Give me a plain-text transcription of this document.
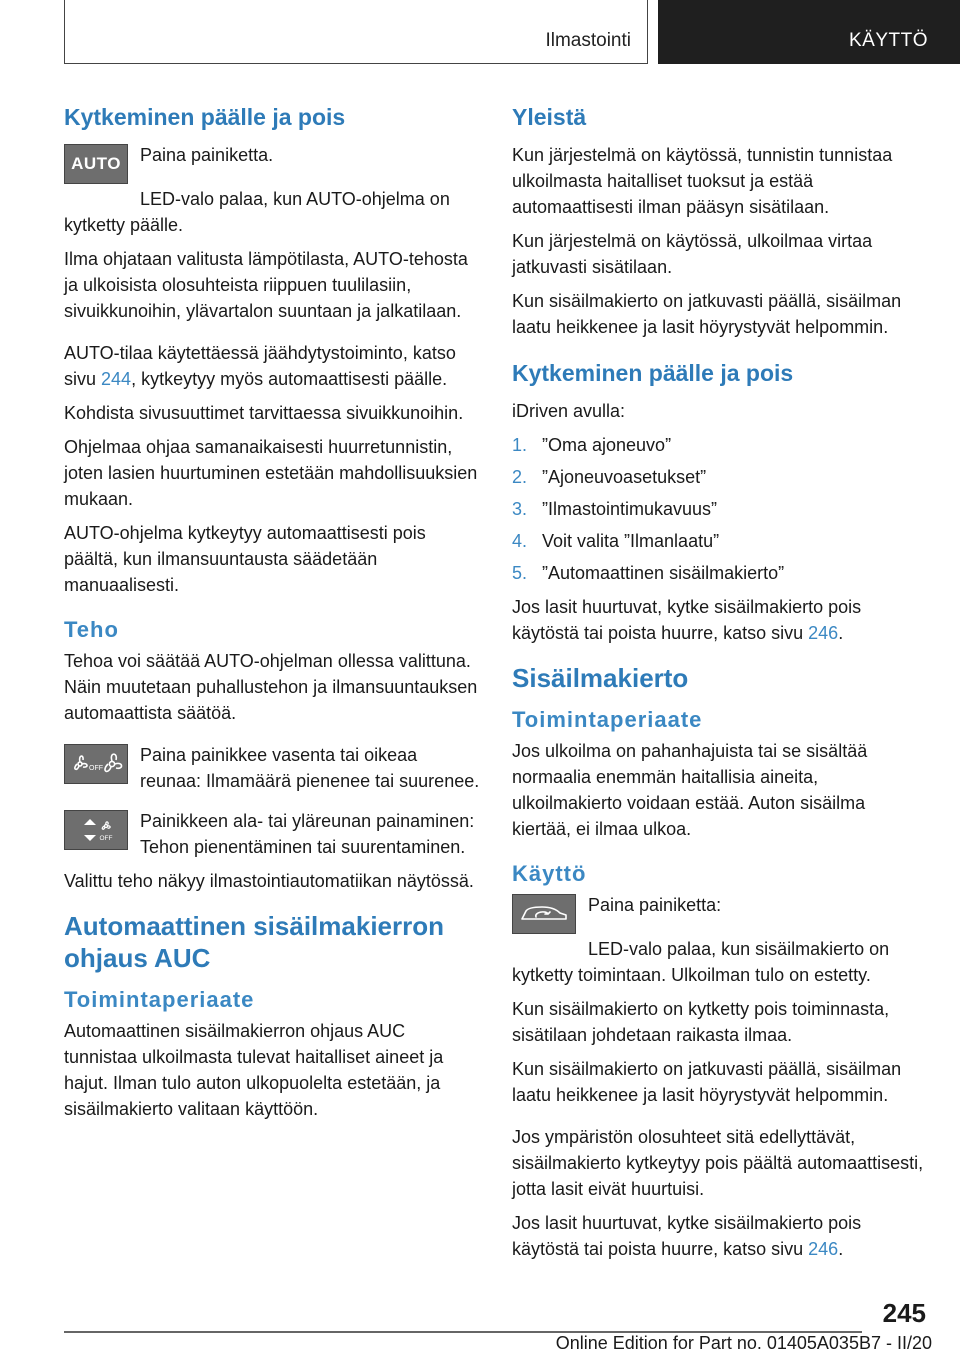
Ilmastointi	KÄYTTÖ
Kytkeminen päälle ja pois
AUTO	Paina painiketta.

LED-valo palaa, kun AUTO-ohjelma on kytketty päälle.

Ilma ohjataan valitusta lämpötilasta, AUTO-tehosta ja ulkoisista olosuhteista riippuen tuulilasiin, sivuikkunoihin, ylävartalon suuntaan ja jalkatilaan.

AUTO-tilaa käytettäessä jäähdytystoiminto, katso sivu 244, kytkeytyy myös automaattisesti päälle.

Kohdista sivusuuttimet tarvittaessa sivuikkunoihin.

Ohjelmaa ohjaa samanaikaisesti huurretunnistin, joten lasien huurtuminen estetään mahdollisuuksien mukaan.

AUTO-ohjelma kytkeytyy automaattisesti pois päältä, kun ilmansuuntausta säädetään manuaalisesti.

Teho

Tehoa voi säätää AUTO-ohjelman ollessa valittuna. Näin muutetaan puhallustehon ja ilmansuuntauksen automaattista säätöä.

OFF

Paina painikkee vasenta tai oikeaa reunaa: Ilmamäärä pienenee tai suurenee.

OFF

Painikkeen ala- tai yläreunan painaminen: Tehon pienentäminen tai suurentaminen.

Valittu teho näkyy ilmastointiautomatiikan näytössä.

Automaattinen sisäilmakierron ohjaus AUC
Toimintaperiaate

Automaattinen sisäilmakierron ohjaus AUC tunnistaa ulkoilmasta tulevat haitalliset aineet ja hajut. Ilman tulo auton ulkopuolelta estetään, ja sisäilmakierto valitaan käyttöön.

Yleistä

Kun järjestelmä on käytössä, tunnistin tunnistaa ulkoilmasta haitalliset tuoksut ja estää automaattisesti ilman pääsyn sisätilaan.

Kun järjestelmä on käytössä, ulkoilmaa virtaa jatkuvasti sisätilaan.

Kun sisäilmakierto on jatkuvasti päällä, sisäilman laatu heikkenee ja lasit höyrystyvät helpommin.

Kytkeminen päälle ja pois

iDriven avulla:

1. ”Oma ajoneuvo”
2. ”Ajoneuvoasetukset”
3. ”Ilmastointimukavuus”
4. Voit valita ”Ilmanlaatu”
5. ”Automaattinen sisäilmakierto”

Jos lasit huurtuvat, kytke sisäilmakierto pois käytöstä tai poista huurre, katso sivu 246.

Sisäilmakierto
Toimintaperiaate

Jos ulkoilma on pahanhajuista tai se sisältää normaalia enemmän haitallisia aineita, ulkoilmakierto voidaan estää. Auton sisäilma kiertää, ei ilmaa ulkoa.

Käyttö

Paina painiketta:

LED-valo palaa, kun sisäilmakierto on kytketty toimintaan. Ulkoilman tulo on estetty.

Kun sisäilmakierto on kytketty pois toiminnasta, sisätilaan johdetaan raikasta ilmaa.

Kun sisäilmakierto on jatkuvasti päällä, sisäilman laatu heikkenee ja lasit höyrystyvät helpommin.

Jos ympäristön olosuhteet sitä edellyttävät, sisäilmakierto kytkeytyy pois päältä automaattisesti, jotta lasit eivät huurtuisi.

Jos lasit huurtuvat, kytke sisäilmakierto pois käytöstä tai poista huurre, katso sivu 246.

245
Online Edition for Part no. 01405A035B7 - II/20
